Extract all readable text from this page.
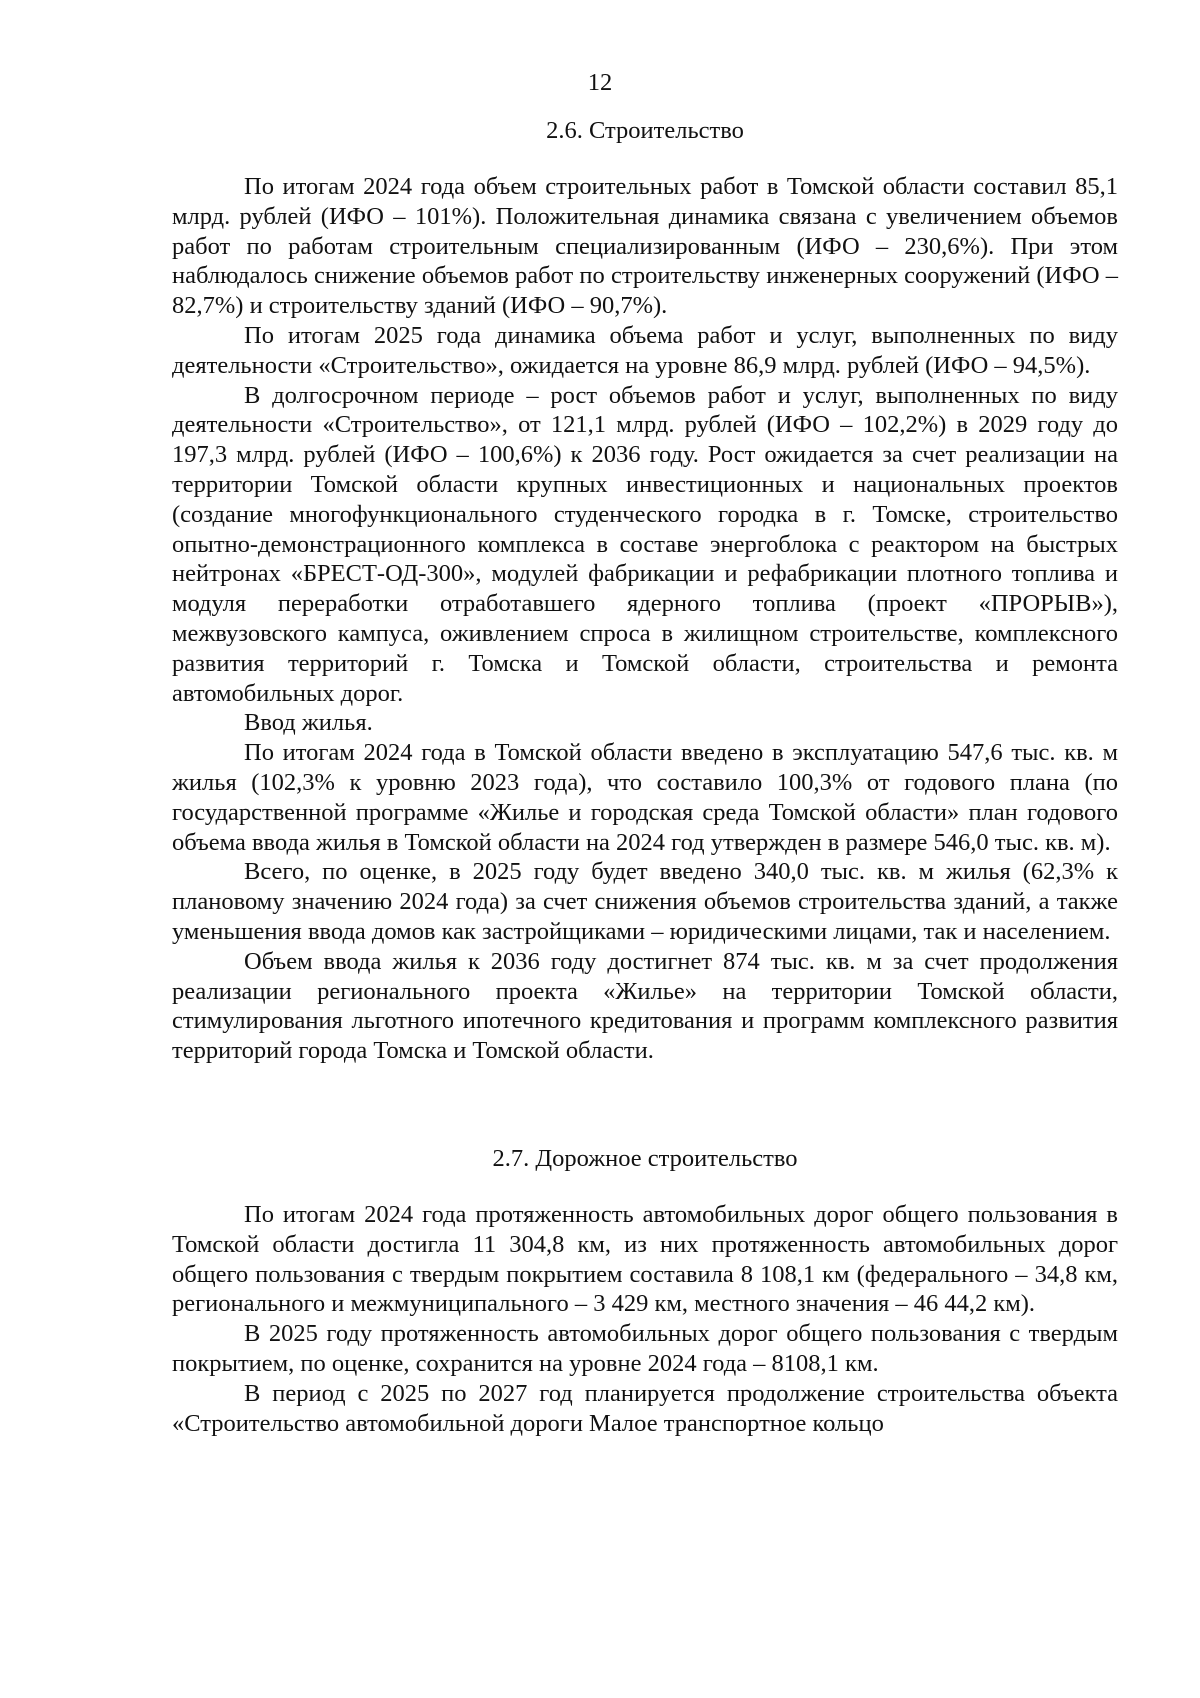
12
2.6. Строительство

По итогам 2024 года объем строительных работ в Томской области составил 85,1 млрд. рублей (ИФО – 101%). Положительная динамика связана с увеличением объемов работ по работам строительным специализированным (ИФО – 230,6%). При этом наблюдалось снижение объемов работ по строительству инженерных сооружений (ИФО – 82,7%) и строительству зданий (ИФО – 90,7%).

По итогам 2025 года динамика объема работ и услуг, выполненных по виду деятельности «Строительство», ожидается на уровне 86,9 млрд. рублей (ИФО – 94,5%).

В долгосрочном периоде – рост объемов работ и услуг, выполненных по виду деятельности «Строительство», от 121,1 млрд. рублей (ИФО – 102,2%) в 2029 году до 197,3 млрд. рублей (ИФО – 100,6%) к 2036 году. Рост ожидается за счет реализации на территории Томской области крупных инвестиционных и национальных проектов (создание многофункционального студенческого городка в г. Томске, строительство опытно-демонстрационного комплекса в составе энергоблока с реактором на быстрых нейтронах «БРЕСТ-ОД-300», модулей фабрикации и рефабрикации плотного топлива и модуля переработки отработавшего ядерного топлива (проект «ПРОРЫВ»), межвузовского кампуса, оживлением спроса в жилищном строительстве, комплексного развития территорий г. Томска и Томской области, строительства и ремонта автомобильных дорог.

Ввод жилья.

По итогам 2024 года в Томской области введено в эксплуатацию 547,6 тыс. кв. м жилья (102,3% к уровню 2023 года), что составило 100,3% от годового плана (по государственной программе «Жилье и городская среда Томской области» план годового объема ввода жилья в Томской области на 2024 год утвержден в размере 546,0 тыс. кв. м).

Всего, по оценке, в 2025 году будет введено 340,0 тыс. кв. м жилья (62,3% к плановому значению 2024 года) за счет снижения объемов строительства зданий, а также уменьшения ввода домов как застройщиками – юридическими лицами, так и населением.

Объем ввода жилья к 2036 году достигнет 874 тыс. кв. м за счет продолжения реализации регионального проекта «Жилье» на территории Томской области, стимулирования льготного ипотечного кредитования и программ комплексного развития территорий города Томска и Томской области.

2.7. Дорожное строительство

По итогам 2024 года протяженность автомобильных дорог общего пользования в Томской области достигла 11 304,8 км, из них протяженность автомобильных дорог общего пользования с твердым покрытием составила 8 108,1 км (федерального – 34,8 км, регионального и межмуниципального – 3 429 км, местного значения – 46 44,2 км).

В 2025 году протяженность автомобильных дорог общего пользования с твердым покрытием, по оценке, сохранится на уровне 2024 года – 8108,1 км.

В период с 2025 по 2027 год планируется продолжение строительства объекта «Строительство автомобильной дороги Малое транспортное кольцо
